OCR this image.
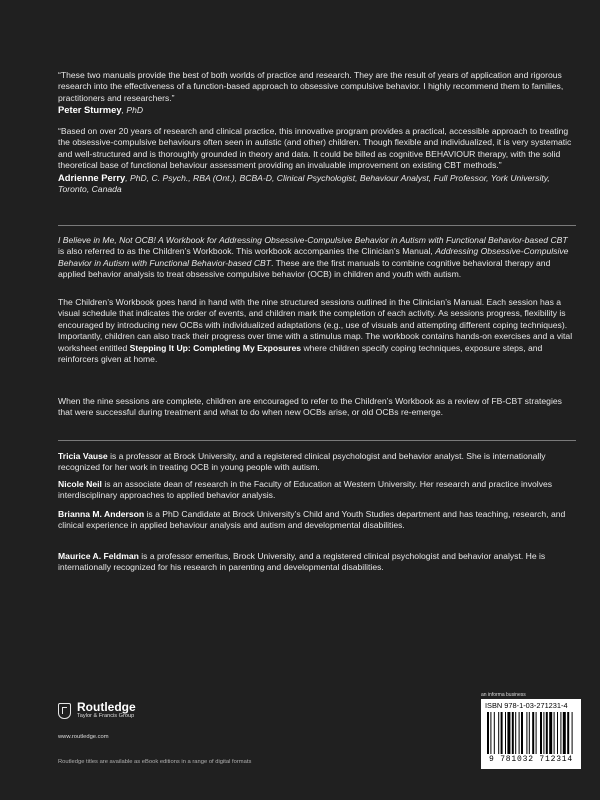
“These two manuals provide the best of both worlds of practice and research. They are the result of years of application and rigorous research into the effectiveness of a function-based approach to obsessive compulsive behavior. I highly recommend them to families, practitioners and researchers.”

Peter Sturmey, PhD

“Based on over 20 years of research and clinical practice, this innovative program provides a practical, accessible approach to treating the obsessive-compulsive behaviours often seen in autistic (and other) children. Though flexible and individualized, it is very systematic and well-structured and is thoroughly grounded in theory and data. It could be billed as cognitive BEHAVIOUR therapy, with the solid theoretical base of functional behaviour assessment providing an invaluable improvement on existing CBT methods.”

Adrienne Perry, PhD, C. Psych., RBA (Ont.), BCBA-D, Clinical Psychologist, Behaviour Analyst, Full Professor, York University, Toronto, Canada

I Believe in Me, Not OCB! A Workbook for Addressing Obsessive-Compulsive Behavior in Autism with Functional Behavior-based CBT is also referred to as the Children’s Workbook. This workbook accompanies the Clinician’s Manual, Addressing Obsessive-Compulsive Behavior in Autism with Functional Behavior-based CBT. These are the first manuals to combine cognitive behavioral therapy and applied behavior analysis to treat obsessive compulsive behavior (OCB) in children and youth with autism.

The Children’s Workbook goes hand in hand with the nine structured sessions outlined in the Clinician’s Manual. Each session has a visual schedule that indicates the order of events, and children mark the completion of each activity. As sessions progress, flexibility is encouraged by introducing new OCBs with individualized adaptations (e.g., use of visuals and attempting different coping techniques). Importantly, children can also track their progress over time with a stimulus map. The workbook contains hands-on exercises and a vital worksheet entitled Stepping It Up: Completing My Exposures where children specify coping techniques, exposure steps, and reinforcers given at home.

When the nine sessions are complete, children are encouraged to refer to the Children’s Workbook as a review of FB-CBT strategies that were successful during treatment and what to do when new OCBs arise, or old OCBs re-emerge.

Tricia Vause is a professor at Brock University, and a registered clinical psychologist and behavior analyst. She is internationally recognized for her work in treating OCB in young people with autism.

Nicole Neil is an associate dean of research in the Faculty of Education at Western University. Her research and practice involves interdisciplinary approaches to applied behavior analysis.

Brianna M. Anderson is a PhD Candidate at Brock University’s Child and Youth Studies department and has teaching, research, and clinical experience in applied behaviour analysis and autism and developmental disabilities.

Maurice A. Feldman is a professor emeritus, Brock University, and a registered clinical psychologist and behavior analyst. He is internationally recognized for his research in parenting and developmental disabilities.

Routledge
Taylor & Francis Group
www.routledge.com
Routledge titles are available as eBook editions in a range of digital formats
an informa business
ISBN 978-1-03-271231-4
9 781032 712314
